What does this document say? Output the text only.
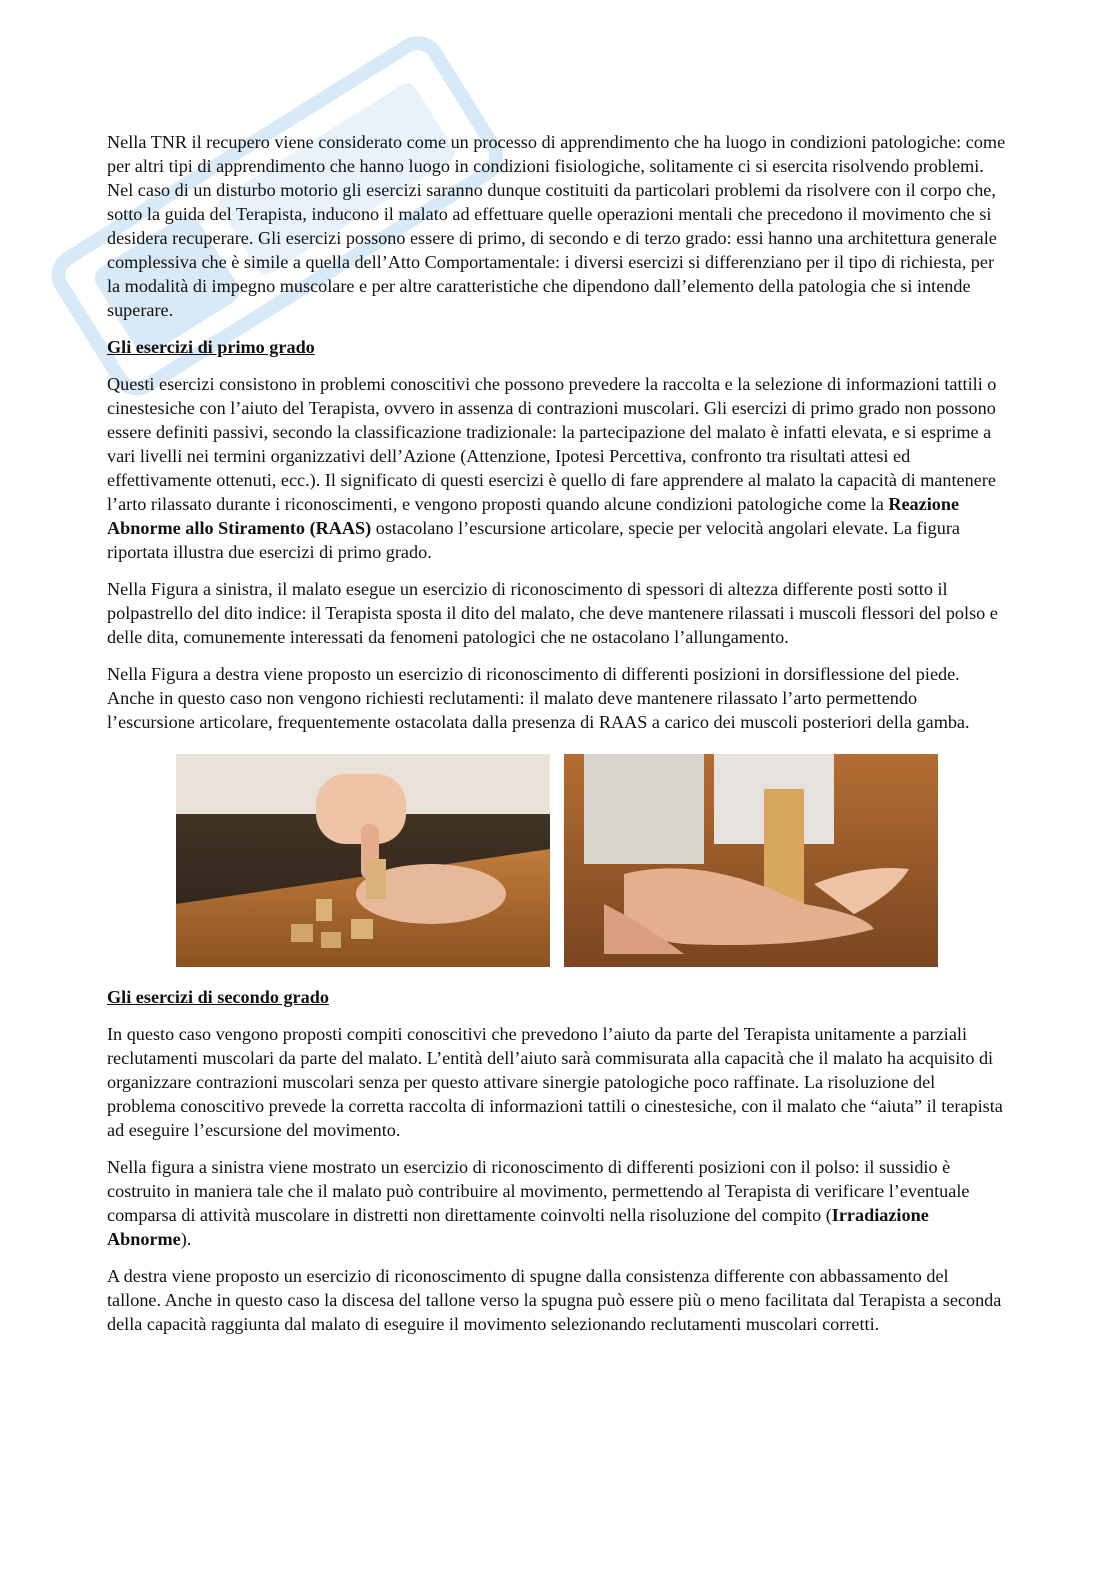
Nella TNR il recupero viene considerato come un processo di apprendimento che ha luogo in condizioni patologiche: come per altri tipi di apprendimento che hanno luogo in condizioni fisiologiche, solitamente ci si esercita risolvendo problemi. Nel caso di un disturbo motorio gli esercizi saranno dunque costituiti da particolari problemi da risolvere con il corpo che, sotto la guida del Terapista, inducono il malato ad effettuare quelle operazioni mentali che precedono il movimento che si desidera recuperare. Gli esercizi possono essere di primo, di secondo e di terzo grado: essi hanno una architettura generale complessiva che è simile a quella dell’Atto Comportamentale: i diversi esercizi si differenziano per il tipo di richiesta, per la modalità di impegno muscolare e per altre caratteristiche che dipendono dall’elemento della patologia che si intende superare.

Gli esercizi di primo grado

Questi esercizi consistono in problemi conoscitivi che possono prevedere la raccolta e la selezione di informazioni tattili o cinestesiche con l’aiuto del Terapista, ovvero in assenza di contrazioni muscolari. Gli esercizi di primo grado non possono essere definiti passivi, secondo la classificazione tradizionale: la partecipazione del malato è infatti elevata, e si esprime a vari livelli nei termini organizzativi dell’Azione (Attenzione, Ipotesi Percettiva, confronto tra risultati attesi ed effettivamente ottenuti, ecc.). Il significato di questi esercizi è quello di fare apprendere al malato la capacità di mantenere l’arto rilassato durante i riconoscimenti, e vengono proposti quando alcune condizioni patologiche come la Reazione Abnorme allo Stiramento (RAAS) ostacolano l’escursione articolare, specie per velocità angolari elevate. La figura riportata illustra due esercizi di primo grado.

Nella Figura a sinistra, il malato esegue un esercizio di riconoscimento di spessori di altezza differente posti sotto il polpastrello del dito indice: il Terapista sposta il dito del malato, che deve mantenere rilassati i muscoli flessori del polso e delle dita, comunemente interessati da fenomeni patologici che ne ostacolano l’allungamento.

Nella Figura a destra viene proposto un esercizio di riconoscimento di differenti posizioni in dorsiflessione del piede. Anche in questo caso non vengono richiesti reclutamenti: il malato deve mantenere rilassato l’arto permettendo l’escursione articolare, frequentemente ostacolata dalla presenza di RAAS a carico dei muscoli posteriori della gamba.

Gli esercizi di secondo grado

In questo caso vengono proposti compiti conoscitivi che prevedono l’aiuto da parte del Terapista unitamente a parziali reclutamenti muscolari da parte del malato. L’entità dell’aiuto sarà commisurata alla capacità che il malato ha acquisito di organizzare contrazioni muscolari senza per questo attivare sinergie patologiche poco raffinate. La risoluzione del problema conoscitivo prevede la corretta raccolta di informazioni tattili o cinestesiche, con il malato che “aiuta” il terapista ad eseguire l’escursione del movimento.

Nella figura a sinistra viene mostrato un esercizio di riconoscimento di differenti posizioni con il polso: il sussidio è costruito in maniera tale che il malato può contribuire al movimento, permettendo al Terapista di verificare l’eventuale comparsa di attività muscolare in distretti non direttamente coinvolti nella risoluzione del compito (Irradiazione Abnorme).

A destra viene proposto un esercizio di riconoscimento di spugne dalla consistenza differente con abbassamento del tallone. Anche in questo caso la discesa del tallone verso la spugna può essere più o meno facilitata dal Terapista a seconda della capacità raggiunta dal malato di eseguire il movimento selezionando reclutamenti muscolari corretti.
